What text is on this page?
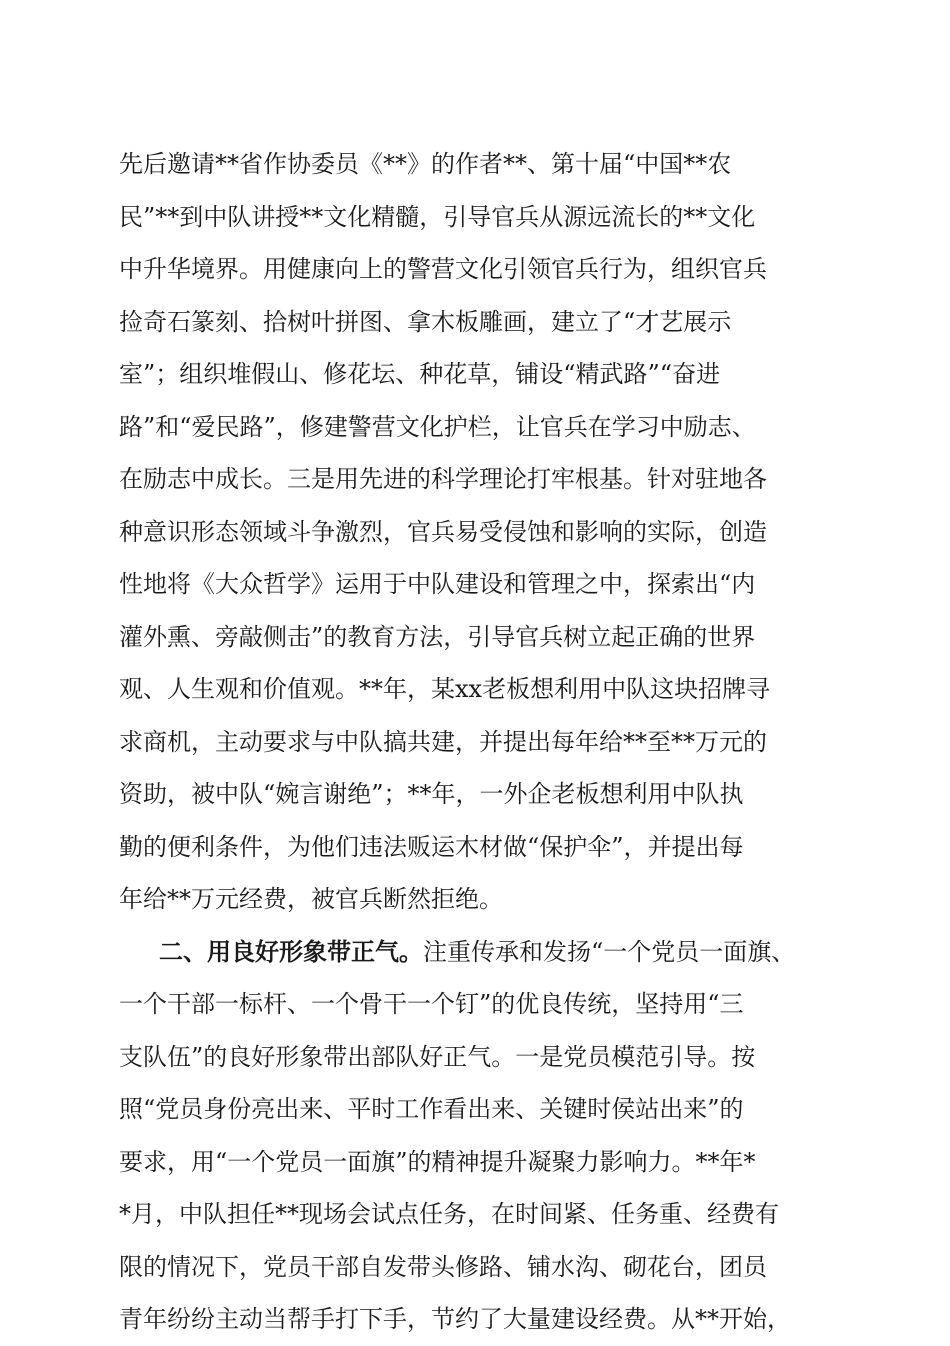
先后邀请**省作协委员《**》的作者**、第十届“中国**农
民”**到中队讲授**文化精髓，引导官兵从源远流长的**文化
中升华境界。用健康向上的警营文化引领官兵行为，组织官兵
捡奇石篆刻、拾树叶拼图、拿木板雕画，建立了“才艺展示
室”；组织堆假山、修花坛、种花草，铺设“精武路”“奋进
路”和“爱民路”，修建警营文化护栏，让官兵在学习中励志、
在励志中成长。三是用先进的科学理论打牢根基。针对驻地各
种意识形态领域斗争激烈，官兵易受侵蚀和影响的实际，创造
性地将《大众哲学》运用于中队建设和管理之中，探索出“内
灌外熏、旁敲侧击”的教育方法，引导官兵树立起正确的世界
观、人生观和价值观。**年，某xx老板想利用中队这块招牌寻
求商机，主动要求与中队搞共建，并提出每年给**至**万元的
资助，被中队“婉言谢绝”；**年，一外企老板想利用中队执
勤的便利条件，为他们违法贩运木材做“保护伞”，并提出每
年给**万元经费，被官兵断然拒绝。
二、用良好形象带正气。注重传承和发扬“一个党员一面旗、
一个干部一标杆、一个骨干一个钉”的优良传统，坚持用“三
支队伍”的良好形象带出部队好正气。一是党员模范引导。按
照“党员身份亮出来、平时工作看出来、关键时侯站出来”的
要求，用“一个党员一面旗”的精神提升凝聚力影响力。**年*
*月，中队担任**现场会试点任务，在时间紧、任务重、经费有
限的情况下，党员干部自发带头修路、铺水沟、砌花台，团员
青年纷纷主动当帮手打下手，节约了大量建设经费。从**开始，
